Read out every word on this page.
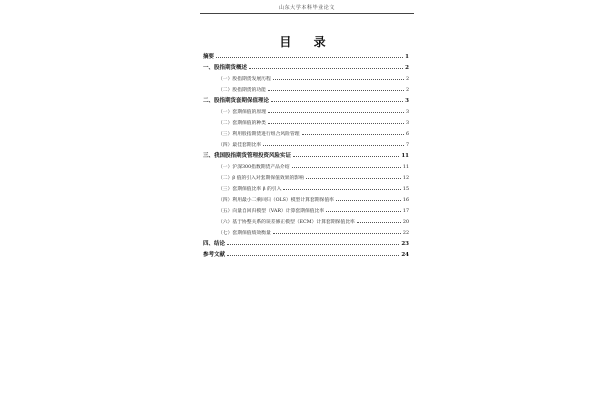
山东大学本科毕业论文
目 录
摘要	1
一、股指期货概述	2
（一）股指期货发展历程	2
（二）股指期货的功能	2
二、股指期货套期保值理论	3
（一）套期保值的原理	3
（二）套期保值的种类	3
（三）利用股指期货进行组合风险管理	6
（四）最佳套期比率	7
三、我国股指期货管理投资风险实证	11
（一）沪深300指数期货产品介绍	11
（二）β 值的引入对套期保值效果的影响	12
（三）套期保值比率 β 的引入	15
（四）利用最小二乘回归（OLS）模型计算套期保值率	16
（五）向量自回归模型（VAR）计算套期保值比率	17
（六）基于协整关系的误差修正模型（ECM）计算套期保值比率	20
（七）套期保值绩效衡量	22
四、结论	23
参考文献	24
